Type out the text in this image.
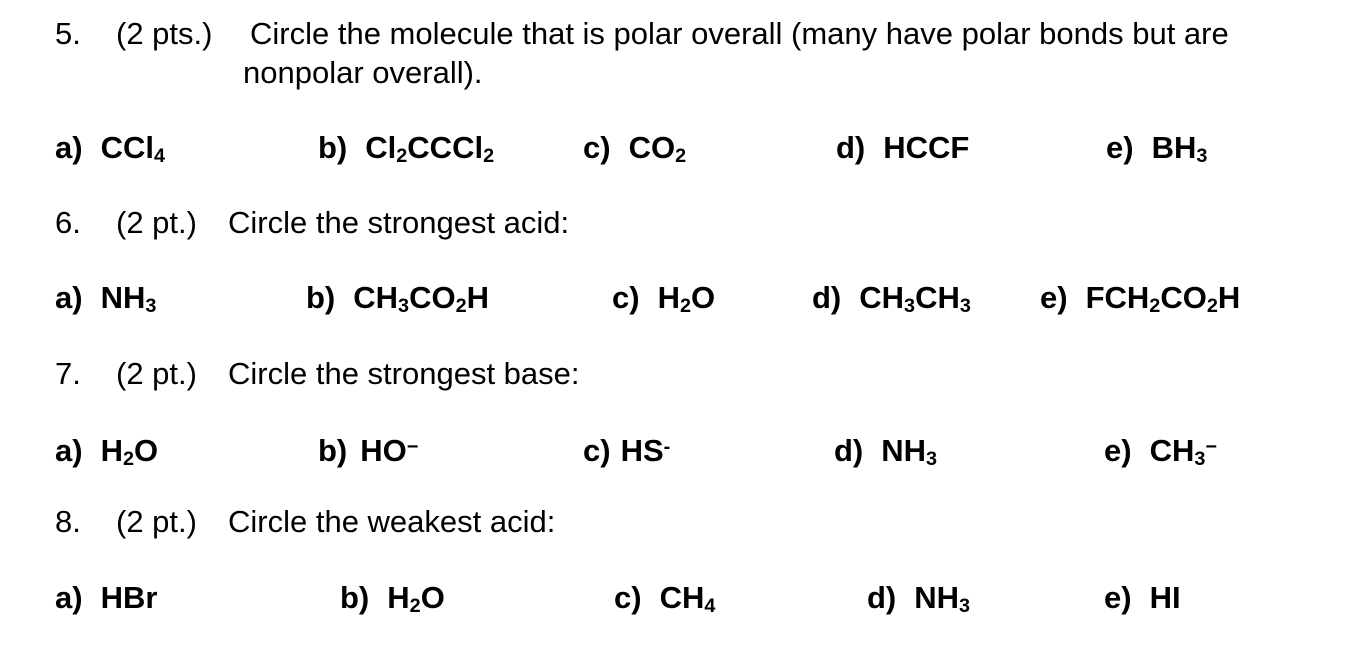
5. (2 pts.) Circle the molecule that is polar overall (many have polar bonds but are
nonpolar overall).
a) CCl$_4$	b) $Cl_2CCCl_2$	c) $CO_2$	d) HCCF	e) $BH_3$
6. (2 pt.) Circle the strongest acid:
a) $NH_3$	b) $CH_3CO_2H$	c) $H_2O$	d) $CH_3CH_3$ e) $FCH_2CO_2H$
7. (2 pt.) Circle the strongest base:
a) $H_2O$	b) HO−	c) HS-	d) $NH_3$	e) $CH_3^-$
8. (2 pt.) Circle the weakest acid:
a) HBr	b) $H_2O$	c) $CH_4$	d) $NH_3$	e) HI
